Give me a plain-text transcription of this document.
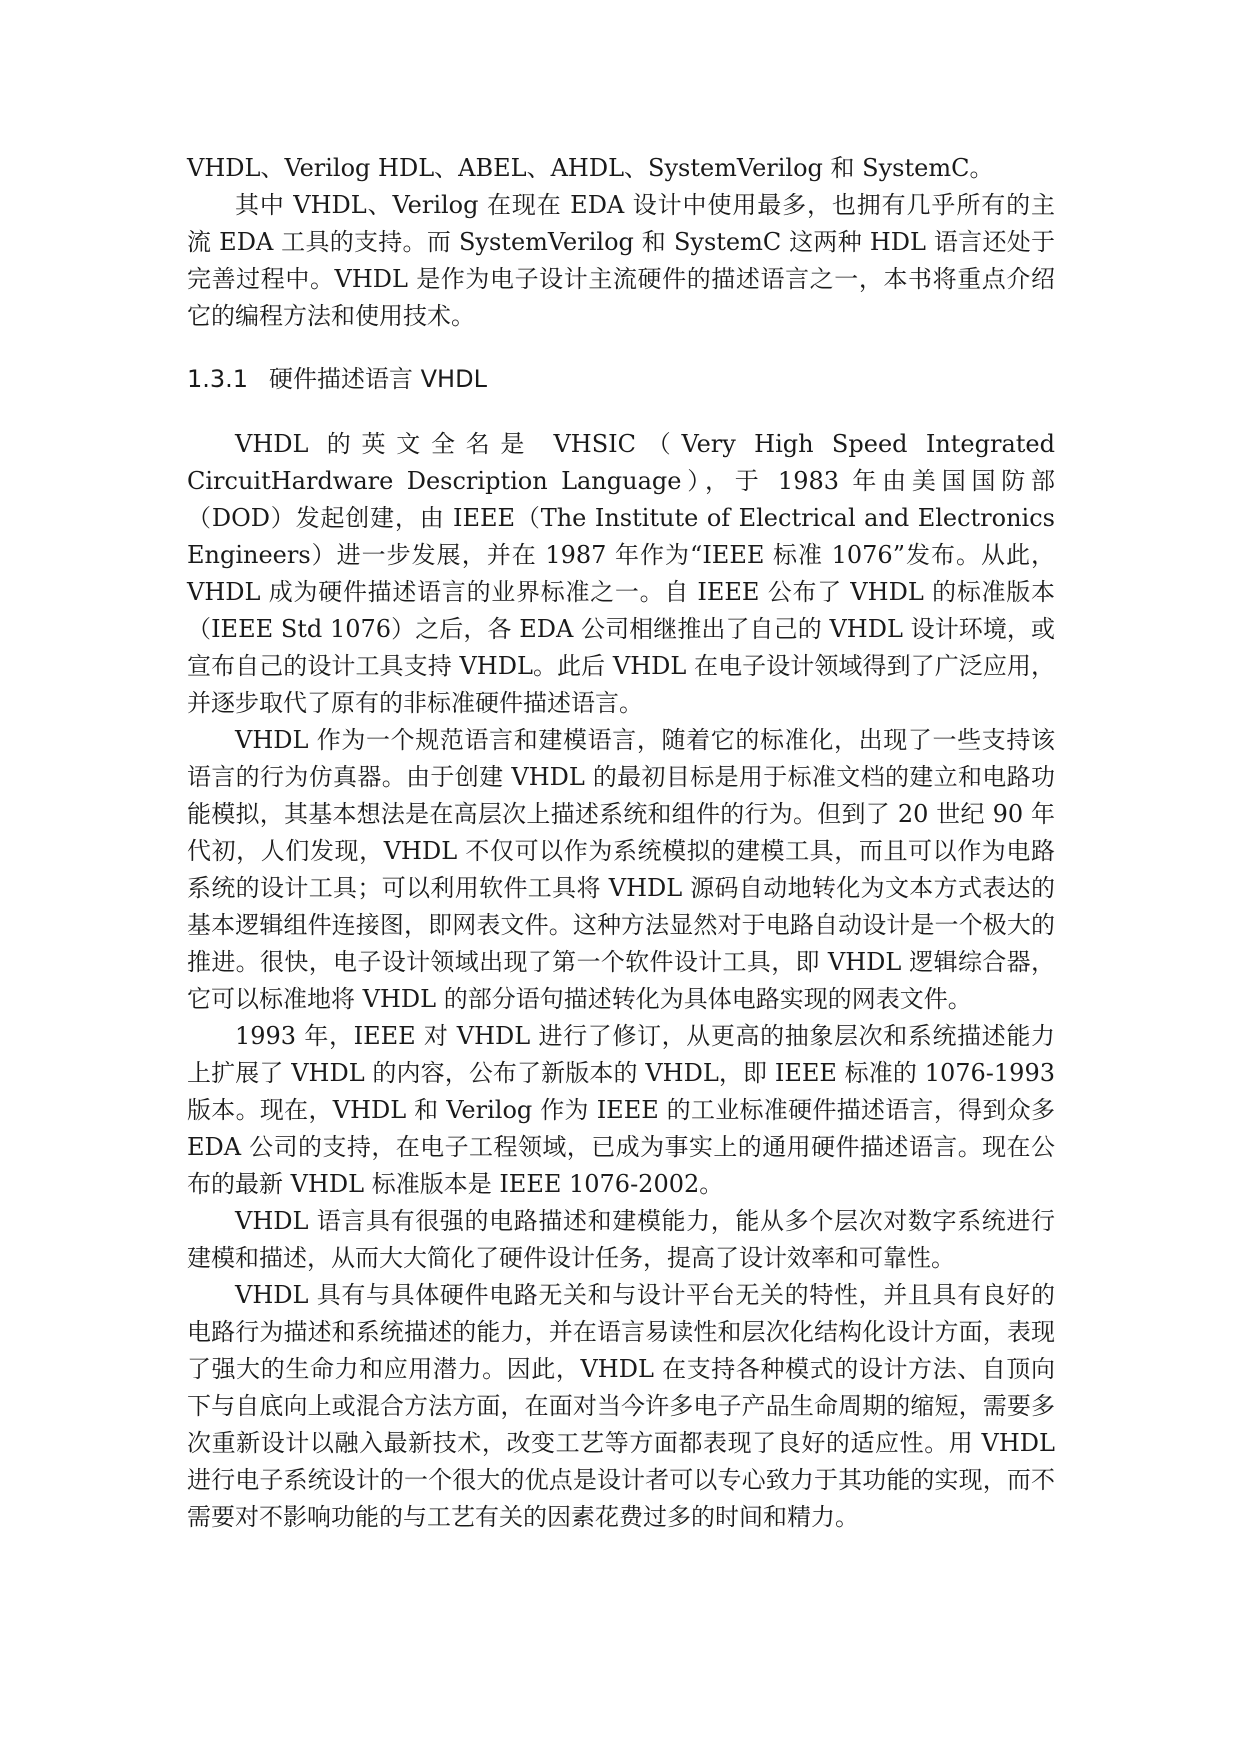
VHDL、Verilog HDL、ABEL、AHDL、SystemVerilog 和 SystemC。

其中 VHDL、Verilog 在现在 EDA 设计中使用最多，也拥有几乎所有的主流 EDA 工具的支持。而 SystemVerilog 和 SystemC 这两种 HDL 语言还处于完善过程中。VHDL 是作为电子设计主流硬件的描述语言之一，本书将重点介绍它的编程方法和使用技术。

1.3.1 硬件描述语言 VHDL

VHDL 的英文全名是 VHSIC（Very High Speed Integrated CircuitHardware Description Language），于 1983 年由美国国防部（DOD）发起创建，由 IEEE（The Institute of Electrical and Electronics Engineers）进一步发展，并在 1987 年作为“IEEE 标准 1076”发布。从此，VHDL 成为硬件描述语言的业界标准之一。自 IEEE 公布了 VHDL 的标准版本（IEEE Std 1076）之后，各 EDA 公司相继推出了自己的 VHDL 设计环境，或宣布自己的设计工具支持 VHDL。此后 VHDL 在电子设计领域得到了广泛应用，并逐步取代了原有的非标准硬件描述语言。

VHDL 作为一个规范语言和建模语言，随着它的标准化，出现了一些支持该语言的行为仿真器。由于创建 VHDL 的最初目标是用于标准文档的建立和电路功能模拟，其基本想法是在高层次上描述系统和组件的行为。但到了 20 世纪 90 年代初，人们发现，VHDL 不仅可以作为系统模拟的建模工具，而且可以作为电路系统的设计工具；可以利用软件工具将 VHDL 源码自动地转化为文本方式表达的基本逻辑组件连接图，即网表文件。这种方法显然对于电路自动设计是一个极大的推进。很快，电子设计领域出现了第一个软件设计工具，即 VHDL 逻辑综合器，它可以标准地将 VHDL 的部分语句描述转化为具体电路实现的网表文件。

1993 年，IEEE 对 VHDL 进行了修订，从更高的抽象层次和系统描述能力上扩展了 VHDL 的内容，公布了新版本的 VHDL，即 IEEE 标准的 1076-1993 版本。现在，VHDL 和 Verilog 作为 IEEE 的工业标准硬件描述语言，得到众多 EDA 公司的支持，在电子工程领域，已成为事实上的通用硬件描述语言。现在公布的最新 VHDL 标准版本是 IEEE 1076-2002。

VHDL 语言具有很强的电路描述和建模能力，能从多个层次对数字系统进行建模和描述，从而大大简化了硬件设计任务，提高了设计效率和可靠性。

VHDL 具有与具体硬件电路无关和与设计平台无关的特性，并且具有良好的电路行为描述和系统描述的能力，并在语言易读性和层次化结构化设计方面，表现了强大的生命力和应用潜力。因此，VHDL 在支持各种模式的设计方法、自顶向下与自底向上或混合方法方面，在面对当今许多电子产品生命周期的缩短，需要多次重新设计以融入最新技术，改变工艺等方面都表现了良好的适应性。用 VHDL 进行电子系统设计的一个很大的优点是设计者可以专心致力于其功能的实现，而不需要对不影响功能的与工艺有关的因素花费过多的时间和精力。
